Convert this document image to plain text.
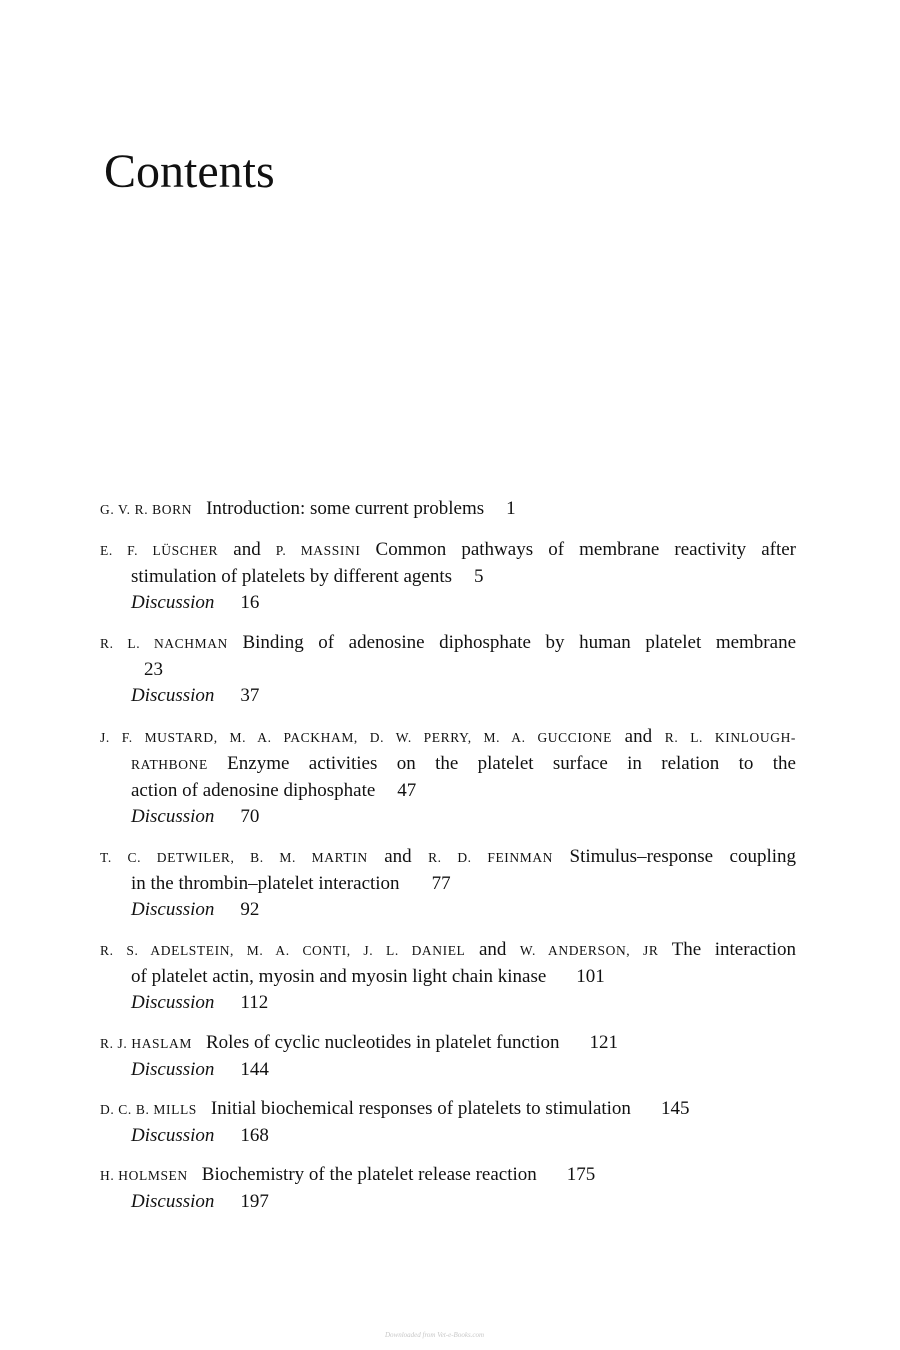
Contents
G. V. R. BORN Introduction: some current problems 1
E. F. LÜSCHER and P. MASSINI Common pathways of membrane reactivity after
stimulation of platelets by different agents 5
Discussion 16
R. L. NACHMAN Binding of adenosine diphosphate by human platelet membrane
23
Discussion 37
J. F. MUSTARD, M. A. PACKHAM, D. W. PERRY, M. A. GUCCIONE and R. L. KINLOUGH-
RATHBONE Enzyme activities on the platelet surface in relation to the
action of adenosine diphosphate 47
Discussion 70
T. C. DETWILER, B. M. MARTIN and R. D. FEINMAN Stimulus–response coupling
in the thrombin–platelet interaction 77
Discussion 92
R. S. ADELSTEIN, M. A. CONTI, J. L. DANIEL and W. ANDERSON, JR The interaction
of platelet actin, myosin and myosin light chain kinase 101
Discussion 112
R. J. HASLAM Roles of cyclic nucleotides in platelet function 121
Discussion 144
D. C. B. MILLS Initial biochemical responses of platelets to stimulation 145
Discussion 168
H. HOLMSEN Biochemistry of the platelet release reaction 175
Discussion 197
Downloaded from Vet-e-Books.com
